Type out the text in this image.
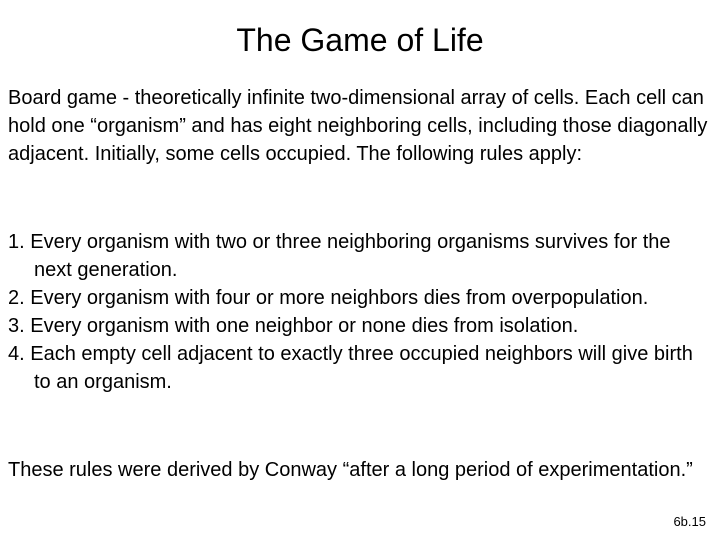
The Game of Life

Board game - theoretically infinite two-dimensional array of cells. Each cell can hold one “organism” and has eight neighboring cells, including those diagonally adjacent. Initially, some cells occupied. The following rules apply:

1. Every organism with two or three neighboring organisms survives for the next generation.
2. Every organism with four or more neighbors dies from overpopulation.
3. Every organism with one neighbor or none dies from isolation.
4. Each empty cell adjacent to exactly three occupied neighbors will give birth to an organism.

These rules were derived by Conway “after a long period of experimentation.”

6b.15
